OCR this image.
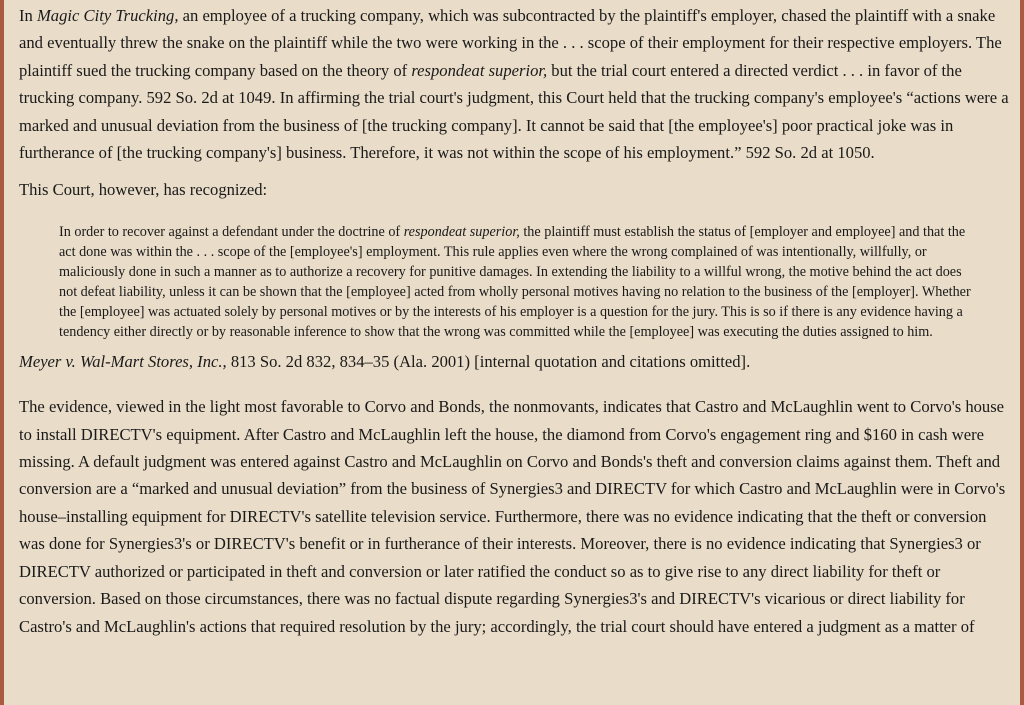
In Magic City Trucking, an employee of a trucking company, which was subcontracted by the plaintiff's employer, chased the plaintiff with a snake and eventually threw the snake on the plaintiff while the two were working in the . . . scope of their employment for their respective employers. The plaintiff sued the trucking company based on the theory of respondeat superior, but the trial court entered a directed verdict . . . in favor of the trucking company. 592 So. 2d at 1049. In affirming the trial court's judgment, this Court held that the trucking company's employee's “actions were a marked and unusual deviation from the business of [the trucking company]. It cannot be said that [the employee's] poor practical joke was in furtherance of [the trucking company's] business. Therefore, it was not within the scope of his employment.” 592 So. 2d at 1050.

This Court, however, has recognized:

In order to recover against a defendant under the doctrine of respondeat superior, the plaintiff must establish the status of [employer and employee] and that the act done was within the . . . scope of the [employee's] employment. This rule applies even where the wrong complained of was intentionally, willfully, or maliciously done in such a manner as to authorize a recovery for punitive damages. In extending the liability to a willful wrong, the motive behind the act does not defeat liability, unless it can be shown that the [employee] acted from wholly personal motives having no relation to the business of the [employer]. Whether the [employee] was actuated solely by personal motives or by the interests of his employer is a question for the jury. This is so if there is any evidence having a tendency either directly or by reasonable inference to show that the wrong was committed while the [employee] was executing the duties assigned to him.

Meyer v. Wal-Mart Stores, Inc., 813 So. 2d 832, 834–35 (Ala. 2001) [internal quotation and citations omitted].

The evidence, viewed in the light most favorable to Corvo and Bonds, the nonmovants, indicates that Castro and McLaughlin went to Corvo's house to install DIRECTV's equipment. After Castro and McLaughlin left the house, the diamond from Corvo's engagement ring and $160 in cash were missing. A default judgment was entered against Castro and McLaughlin on Corvo and Bonds's theft and conversion claims against them. Theft and conversion are a “marked and unusual deviation” from the business of Synergies3 and DIRECTV for which Castro and McLaughlin were in Corvo's house–installing equipment for DIRECTV's satellite television service. Furthermore, there was no evidence indicating that the theft or conversion was done for Synergies3's or DIRECTV's benefit or in furtherance of their interests. Moreover, there is no evidence indicating that Synergies3 or DIRECTV authorized or participated in theft and conversion or later ratified the conduct so as to give rise to any direct liability for theft or conversion. Based on those circumstances, there was no factual dispute regarding Synergies3's and DIRECTV's vicarious or direct liability for Castro's and McLaughlin's actions that required resolution by the jury; accordingly, the trial court should have entered a judgment as a matter of
